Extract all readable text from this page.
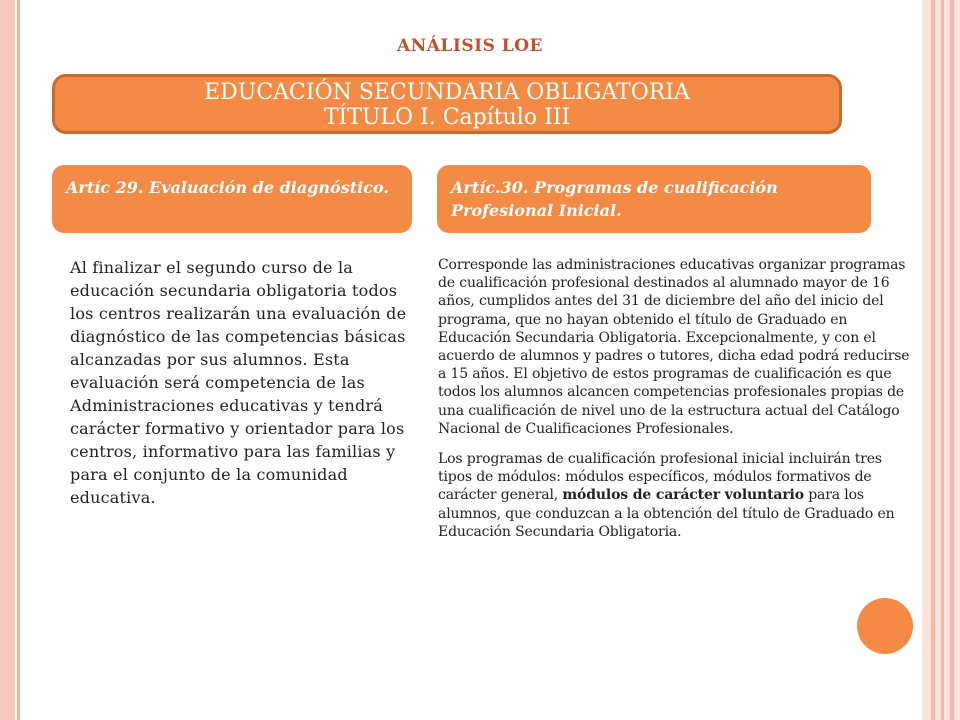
ANÁLISIS LOE
EDUCACIÓN SECUNDARIA OBLIGATORIA
TÍTULO I. Capítulo III
Artíc 29. Evaluación de diagnóstico.	Artíc.30. Programas de cualificación Profesional Inicial.
Al finalizar el segundo curso de la educación secundaria obligatoria todos los centros realizarán una evaluación de diagnóstico de las competencias básicas alcanzadas por sus alumnos. Esta evaluación será competencia de las Administraciones educativas y tendrá carácter formativo y orientador para los centros, informativo para las familias y para el conjunto de la comunidad educativa.

Corresponde las administraciones educativas organizar programas de cualificación profesional destinados al alumnado mayor de 16 años, cumplidos antes del 31 de diciembre del año del inicio del programa, que no hayan obtenido el título de Graduado en Educación Secundaria Obligatoria. Excepcionalmente, y con el acuerdo de alumnos y padres o tutores, dicha edad podrá reducirse a 15 años. El objetivo de estos programas de cualificación es que todos los alumnos alcancen competencias profesionales propias de una cualificación de nivel uno de la estructura actual del Catálogo Nacional de Cualificaciones Profesionales.

Los programas de cualificación profesional inicial incluirán tres tipos de módulos: módulos específicos, módulos formativos de carácter general, módulos de carácter voluntario para los alumnos, que conduzcan a la obtención del título de Graduado en Educación Secundaria Obligatoria.
